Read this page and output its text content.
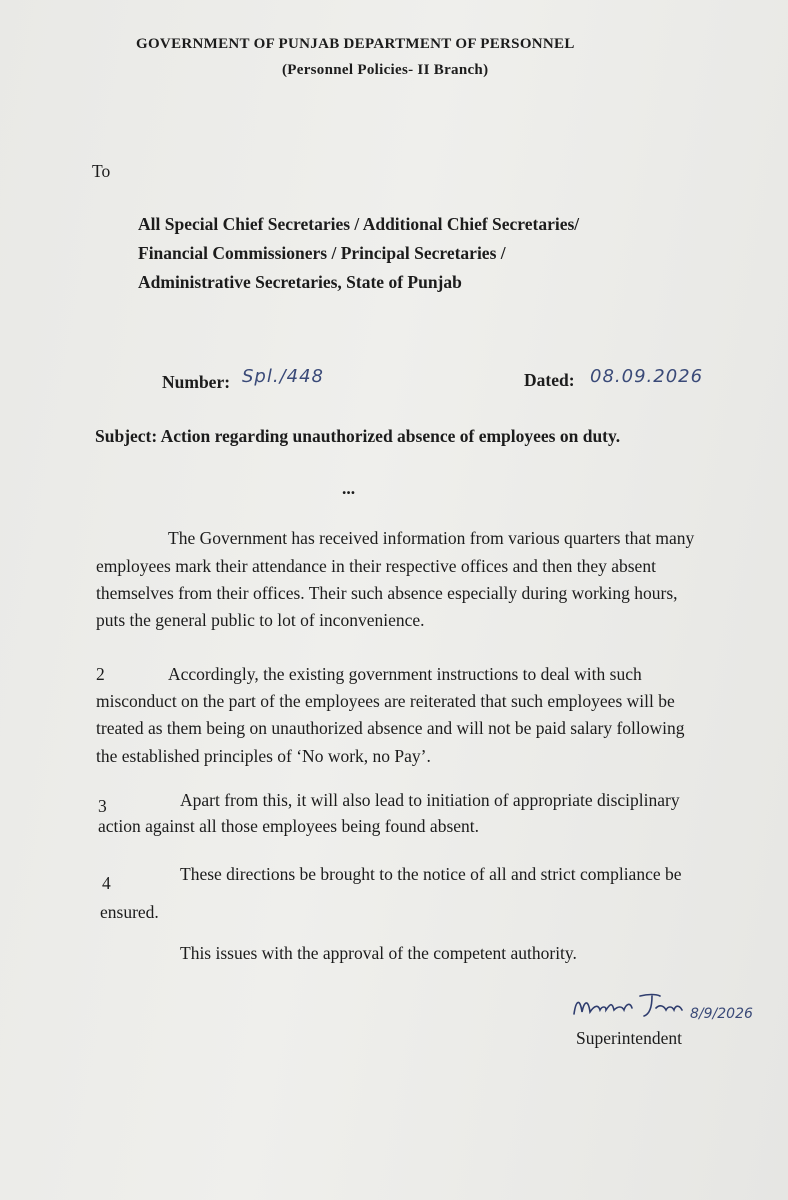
GOVERNMENT OF PUNJAB DEPARTMENT OF PERSONNEL
(Personnel Policies- II Branch)
To
All Special Chief Secretaries / Additional Chief Secretaries/
Financial Commissioners / Principal Secretaries /
Administrative Secretaries, State of Punjab
Number: Spl./448	Dated: 08.09.2026
Subject: Action regarding unauthorized absence of employees on duty.
...
The Government has received information from various quarters that many
employees mark their attendance in their respective offices and then they absent
themselves from their offices. Their such absence especially during working hours,
puts the general public to lot of inconvenience.
2	Accordingly, the existing government instructions to deal with such
misconduct on the part of the employees are reiterated that such employees will be
treated as them being on unauthorized absence and will not be paid salary following
the established principles of ‘No work, no Pay’.
3	Apart from this, it will also lead to initiation of appropriate disciplinary
action against all those employees being found absent.
4	These directions be brought to the notice of all and strict compliance be
ensured.
This issues with the approval of the competent authority.
8/9/2026
Superintendent
